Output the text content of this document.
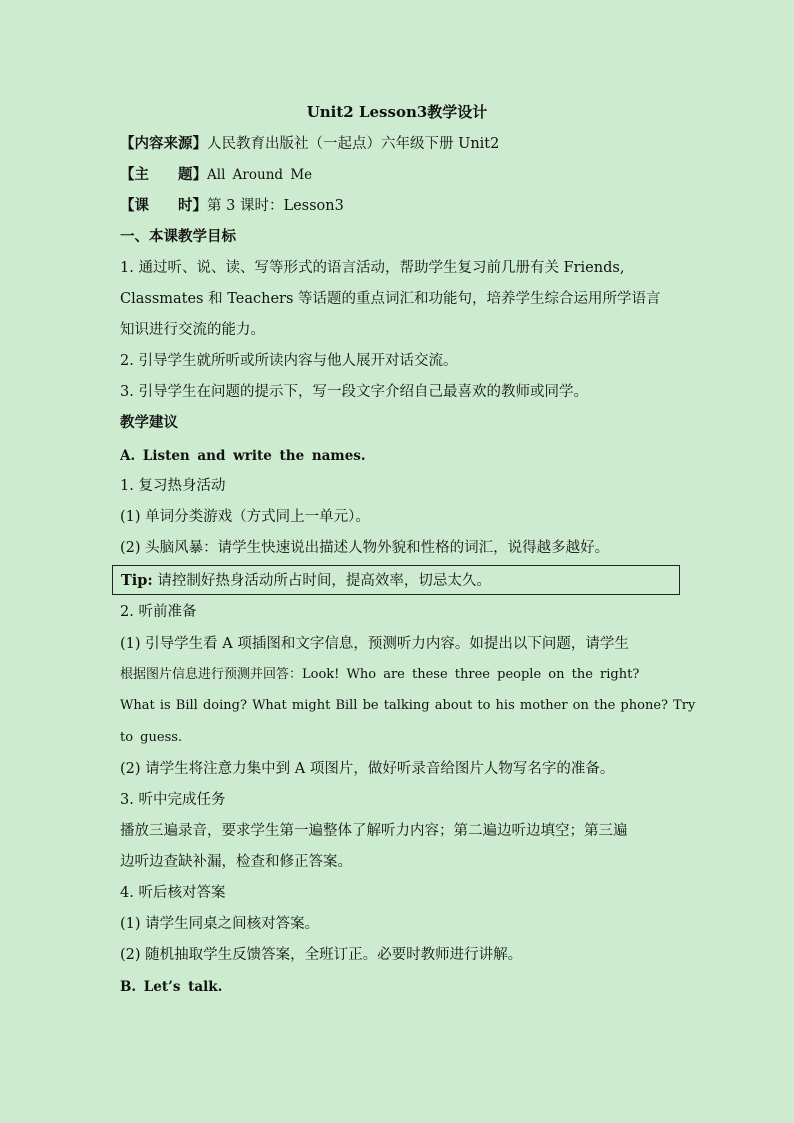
Unit2 Lesson3教学设计
【内容来源】人民教育出版社（一起点）六年级下册 Unit2
【主　　题】All Around Me
【课　　时】第 3 课时：Lesson3
一、本课教学目标
1. 通过听、说、读、写等形式的语言活动，帮助学生复习前几册有关 Friends,
Classmates 和 Teachers 等话题的重点词汇和功能句，培养学生综合运用所学语言
知识进行交流的能力。
2. 引导学生就所听或所读内容与他人展开对话交流。
3. 引导学生在问题的提示下，写一段文字介绍自己最喜欢的教师或同学。
教学建议
A. Listen and write the names.
1. 复习热身活动
(1) 单词分类游戏（方式同上一单元）。
(2) 头脑风暴：请学生快速说出描述人物外貌和性格的词汇，说得越多越好。
Tip: 请控制好热身活动所占时间，提高效率，切忌太久。
2. 听前准备
(1) 引导学生看 A 项插图和文字信息，预测听力内容。如提出以下问题，请学生
根据图片信息进行预测并回答：Look! Who are these three people on the right?
What is Bill doing? What might Bill be talking about to his mother on the phone? Try
to guess.
(2) 请学生将注意力集中到 A 项图片，做好听录音给图片人物写名字的准备。
3. 听中完成任务
播放三遍录音，要求学生第一遍整体了解听力内容；第二遍边听边填空；第三遍
边听边查缺补漏，检查和修正答案。
4. 听后核对答案
(1) 请学生同桌之间核对答案。
(2) 随机抽取学生反馈答案，全班订正。必要时教师进行讲解。
B. Let’s talk.
